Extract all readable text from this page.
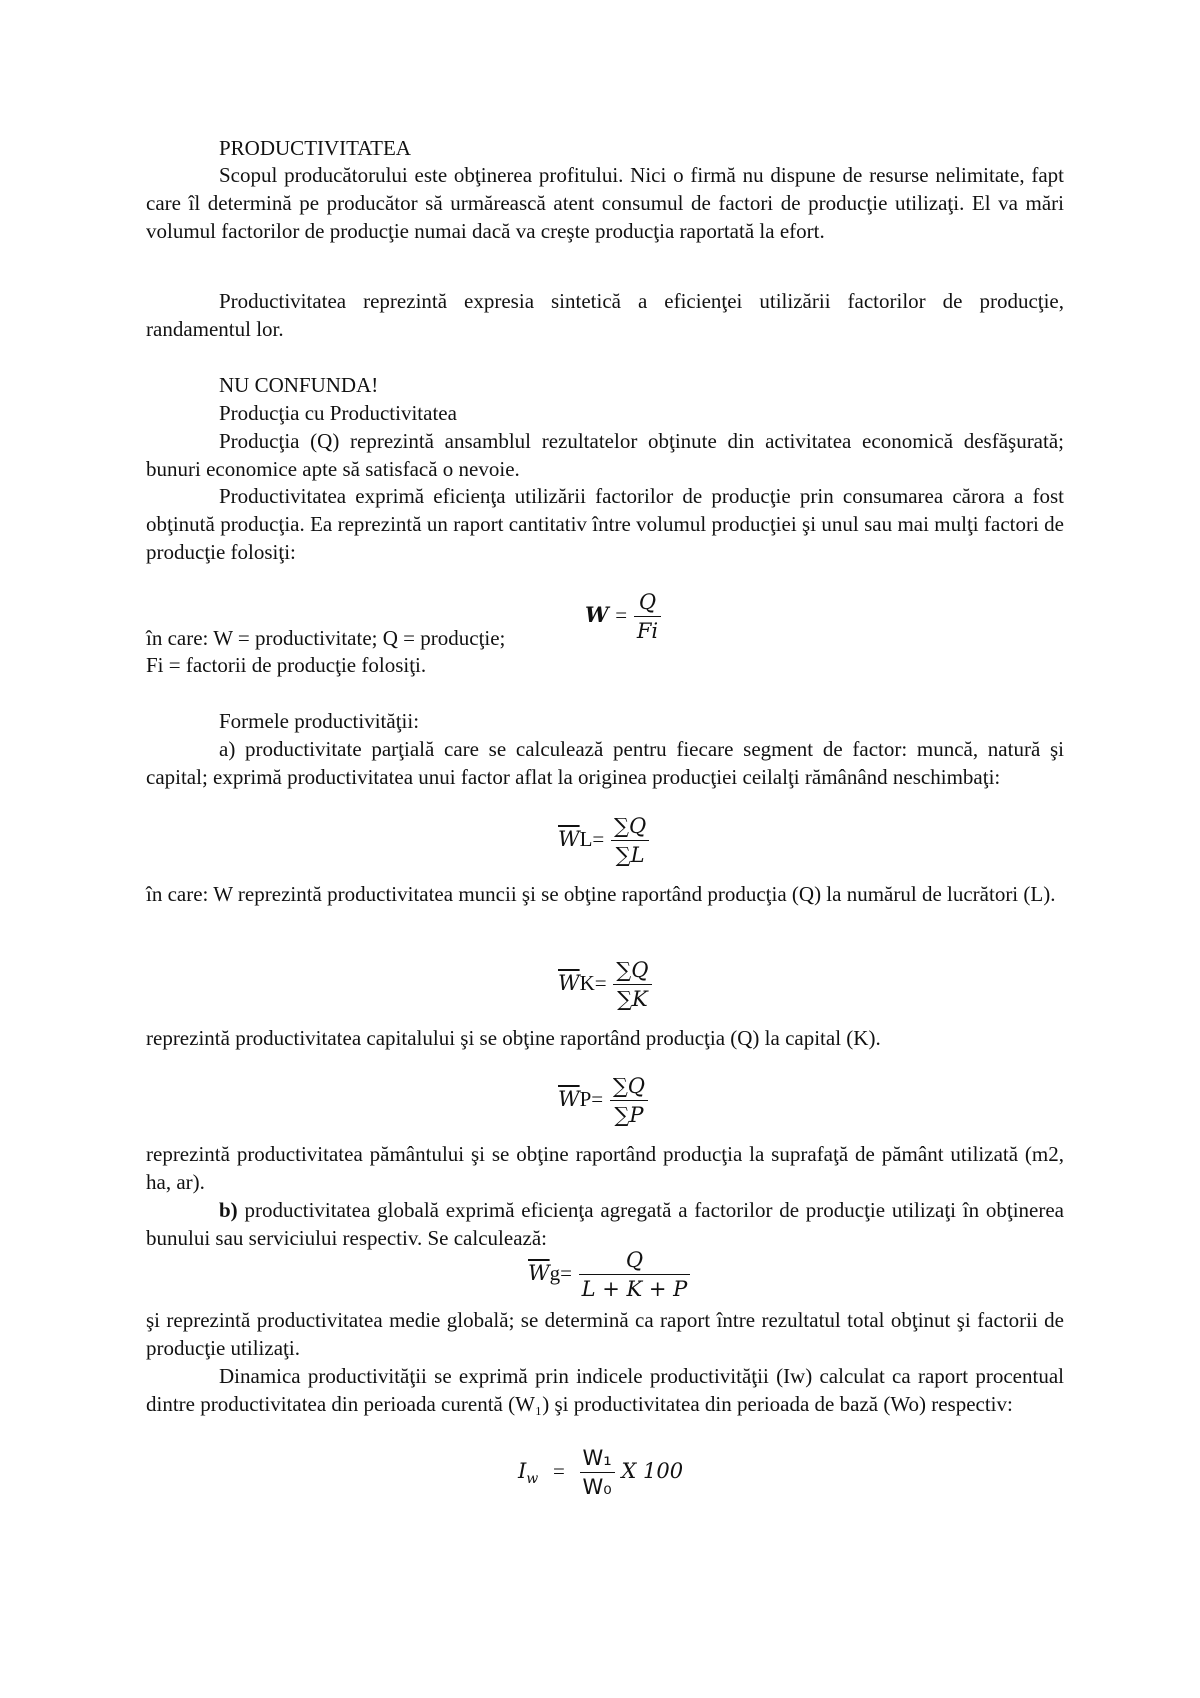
PRODUCTIVITATEA

Scopul producătorului este obţinerea profitului. Nici o firmă nu dispune de resurse nelimitate, fapt care îl determină pe producător să urmărească atent consumul de factori de producţie utilizaţi. El va mări volumul factorilor de producţie numai dacă va creşte producţia raportată la efort.

Productivitatea reprezintă expresia sintetică a eficienţei utilizării factorilor de producţie, randamentul lor.

NU CONFUNDA!

Producţia cu Productivitatea

Producţia (Q) reprezintă ansamblul rezultatelor obţinute din activitatea economică desfăşurată; bunuri economice apte să satisfacă o nevoie.

Productivitatea exprimă eficienţa utilizării factorilor de producţie prin consumarea cărora a fost obţinută producţia. Ea reprezintă un raport cantitativ între volumul producţiei şi unul sau mai mulţi factori de producţie folosiţi:

$W = \frac{Q}{Fi}$

în care: W = productivitate; Q = producţie;

Fi = factorii de producţie folosiţi.

Formele productivităţii:

a) productivitate parţială care se calculează pentru fiecare segment de factor: muncă, natură şi capital; exprimă productivitatea unui factor aflat la originea producţiei ceilalţi rămânând neschimbaţi:

$\overline{W}L= \frac{\sum Q}{\sum L}$

în care: W reprezintă productivitatea muncii şi se obţine raportând producţia (Q) la numărul de lucrători (L).

$\overline{W}K= \frac{\sum Q}{\sum K}$

reprezintă productivitatea capitalului şi se obţine raportând producţia (Q) la capital (K).

$\overline{W}P= \frac{\sum Q}{\sum P}$

reprezintă productivitatea pământului şi se obţine raportând producţia la suprafaţă de pământ utilizată (m2, ha, ar).

b) productivitatea globală exprimă eficienţa agregată a factorilor de producţie utilizaţi în obţinerea bunului sau serviciului respectiv. Se calculează:

$\overline{W}g= \frac{Q}{L + K + P}$

şi reprezintă productivitatea medie globală; se determină ca raport între rezultatul total obţinut şi factorii de producţie utilizaţi.

Dinamica productivităţii se exprimă prin indicele productivităţii (Iw) calculat ca raport procentual dintre productivitatea din perioada curentă (W₁) şi productivitatea din perioada de bază (Wo) respectiv:

$I_w = \frac{\text{W₁}}{\text{W₀}}$ X 100
